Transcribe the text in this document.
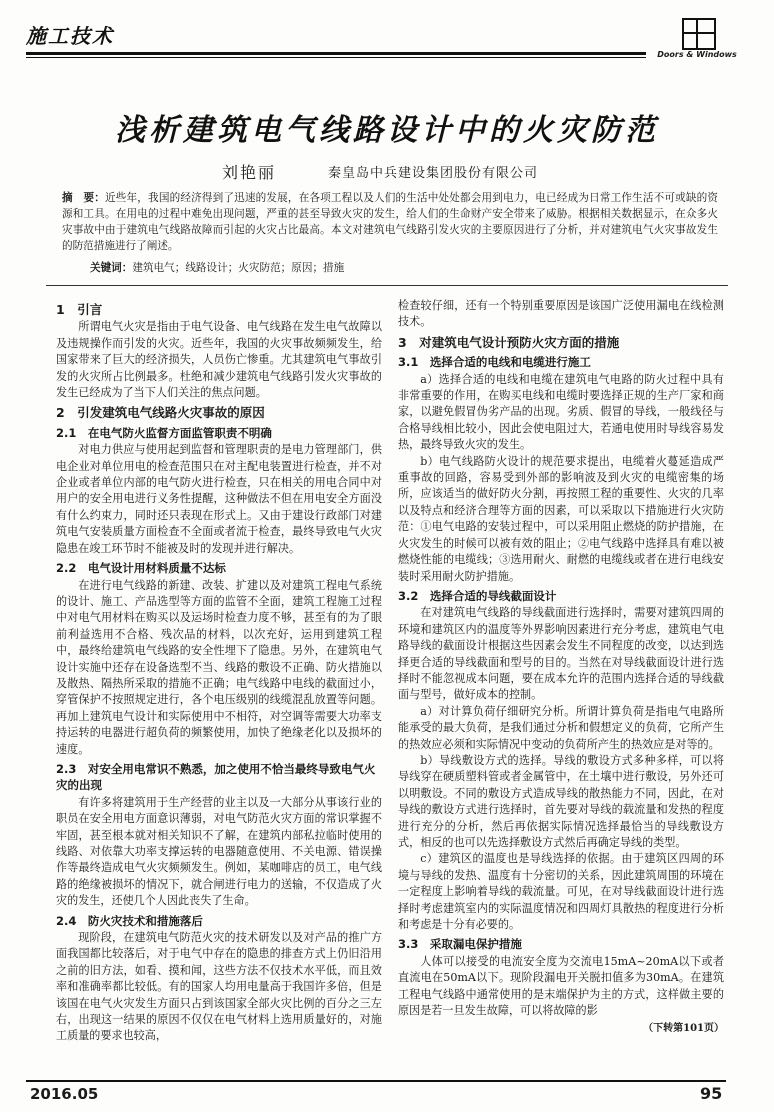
施工技术
Doors & Windows
浅析建筑电气线路设计中的火灾防范
刘艳丽	秦皇岛中兵建设集团股份有限公司
摘　要：近些年，我国的经济得到了迅速的发展，在各项工程以及人们的生活中处处都会用到电力，电已经成为日常工作生活不可或缺的资源和工具。在用电的过程中难免出现问题，严重的甚至导致火灾的发生，给人们的生命财产安全带来了威胁。根据相关数据显示，在众多火灾事故中由于建筑电气线路故障而引起的火灾占比最高。本文对建筑电气线路引发火灾的主要原因进行了分析，并对建筑电气火灾事故发生的防范措施进行了阐述。
关键词：建筑电气；线路设计；火灾防范；原因；措施
1　引言

所谓电气火灾是指由于电气设备、电气线路在发生电气故障以及违规操作而引发的火灾。近些年，我国的火灾事故频频发生，给国家带来了巨大的经济损失，人员伤亡惨重。尤其建筑电气事故引发的火灾所占比例最多。杜绝和减少建筑电气线路引发火灾事故的发生已经成为了当下人们关注的焦点问题。

2　引发建筑电气线路火灾事故的原因
2.1　在电气防火监督方面监管职责不明确

对电力供应与使用起到监督和管理职责的是电力管理部门，供电企业对单位用电的检查范围只在对主配电装置进行检查，并不对企业或者单位内部的电气防火进行检查，只在相关的用电合同中对用户的安全用电进行义务性提醒，这种做法不但在用电安全方面没有什么约束力，同时还只表现在形式上。又由于建设行政部门对建筑电气安装质量方面检查不全面或者流于检查，最终导致电气火灾隐患在竣工环节时不能被及时的发现并进行解决。

2.2　电气设计用材料质量不达标

在进行电气线路的新建、改装、扩建以及对建筑工程电气系统的设计、施工、产品选型等方面的监管不全面，建筑工程施工过程中对电气用材料在购买以及运场时检查力度不够，甚至有的为了眼前利益选用不合格、残次品的材料，以次充好，运用到建筑工程中，最终给建筑电气线路的安全性埋下了隐患。另外，在建筑电气设计实施中还存在设备选型不当、线路的敷设不正确、防火措施以及散热、隔热所采取的措施不正确；电气线路中电线的截面过小，穿管保护不按照规定进行，各个电压级别的线缆混乱放置等问题。再加上建筑电气设计和实际使用中不相符，对空调等需要大功率支持运转的电器进行超负荷的频繁使用，加快了绝缘老化以及损坏的速度。

2.3　对安全用电常识不熟悉，加之使用不恰当最终导致电气火灾的出现

有许多将建筑用于生产经营的业主以及一大部分从事该行业的职员在安全用电方面意识薄弱，对电气防范火灾方面的常识掌握不牢固，甚至根本就对相关知识不了解，在建筑内部私拉临时使用的线路、对依靠大功率支撑运转的电器随意使用、不关电源、错误操作等最终造成电气火灾频频发生。例如，某咖啡店的员工，电气线路的绝缘被损坏的情况下，就合闸进行电力的送输，不仅造成了火灾的发生，还使几个人因此丧失了生命。

2.4　防火灾技术和措施落后

现阶段，在建筑电气防范火灾的技术研发以及对产品的推广方面我国都比较落后，对于电气中存在的隐患的排查方式上仍旧沿用之前的旧方法，如看、摸和闻，这些方法不仅技术水平低，而且效率和准确率都比较低。有的国家人均用电量高于我国许多倍，但是该国在电气火灾发生方面只占到该国家全部火灾比例的百分之三左右，出现这一结果的原因不仅仅在电气材料上选用质量好的，对施工质量的要求也较高，

检查较仔细，还有一个特别重要原因是该国广泛使用漏电在线检测技术。

3　对建筑电气设计预防火灾方面的措施
3.1　选择合适的电线和电缆进行施工

a）选择合适的电线和电缆在建筑电气电路的防火过程中具有非常重要的作用，在购买电线和电缆时要选择正规的生产厂家和商家，以避免假冒伪劣产品的出现。劣质、假冒的导线，一般线径与合格导线相比较小，因此会使电阻过大，若通电使用时导线容易发热，最终导致火灾的发生。

b）电气线路防火设计的规范要求提出，电缆着火蔓延造成严重事故的回路，容易受到外部的影响波及到火灾的电缆密集的场所，应该适当的做好防火分割，再按照工程的重要性、火灾的几率以及特点和经济合理等方面的因素，可以采取以下措施进行火灾防范：①电气电路的安装过程中，可以采用阻止燃烧的防护措施，在火灾发生的时候可以被有效的阻止；②电气线路中选择具有难以被燃烧性能的电缆线；③选用耐火、耐燃的电缆线或者在进行电线安装时采用耐火防护措施。

3.2　选择合适的导线截面设计

在对建筑电气线路的导线截面进行选择时，需要对建筑四周的环境和建筑区内的温度等外界影响因素进行充分考虑，建筑电气电路导线的截面设计根据这些因素会发生不同程度的改变，以达到选择更合适的导线截面和型号的目的。当然在对导线截面设计进行选择时不能忽视成本问题，要在成本允许的范围内选择合适的导线截面与型号，做好成本的控制。

a）对计算负荷仔细研究分析。所谓计算负荷是指电气电路所能承受的最大负荷，是我们通过分析和假想定义的负荷，它所产生的热效应必须和实际情况中变动的负荷所产生的热效应是对等的。

b）导线敷设方式的选择。导线的敷设方式多种多样，可以将导线穿在硬质塑料管或者金属管中，在土壤中进行敷设，另外还可以明敷设。不同的敷设方式造成导线的散热能力不同，因此，在对导线的敷设方式进行选择时，首先要对导线的载流量和发热的程度进行充分的分析，然后再依据实际情况选择最恰当的导线敷设方式，相反的也可以先选择敷设方式然后再确定导线的类型。

c）建筑区的温度也是导线选择的依据。由于建筑区四周的环境与导线的发热、温度有十分密切的关系，因此建筑周围的环境在一定程度上影响着导线的载流量。可见，在对导线截面设计进行选择时考虑建筑室内的实际温度情况和四周灯具散热的程度进行分析和考虑是十分有必要的。

3.3　采取漏电保护措施

人体可以接受的电流安全度为交流电15mA~20mA以下或者直流电在50mA以下。现阶段漏电开关脱扣值多为30mA。在建筑工程电气线路中通常使用的是末端保护为主的方式，这样做主要的原因是若一旦发生故障，可以将故障的影

（下转第101页）
2016.05	95
